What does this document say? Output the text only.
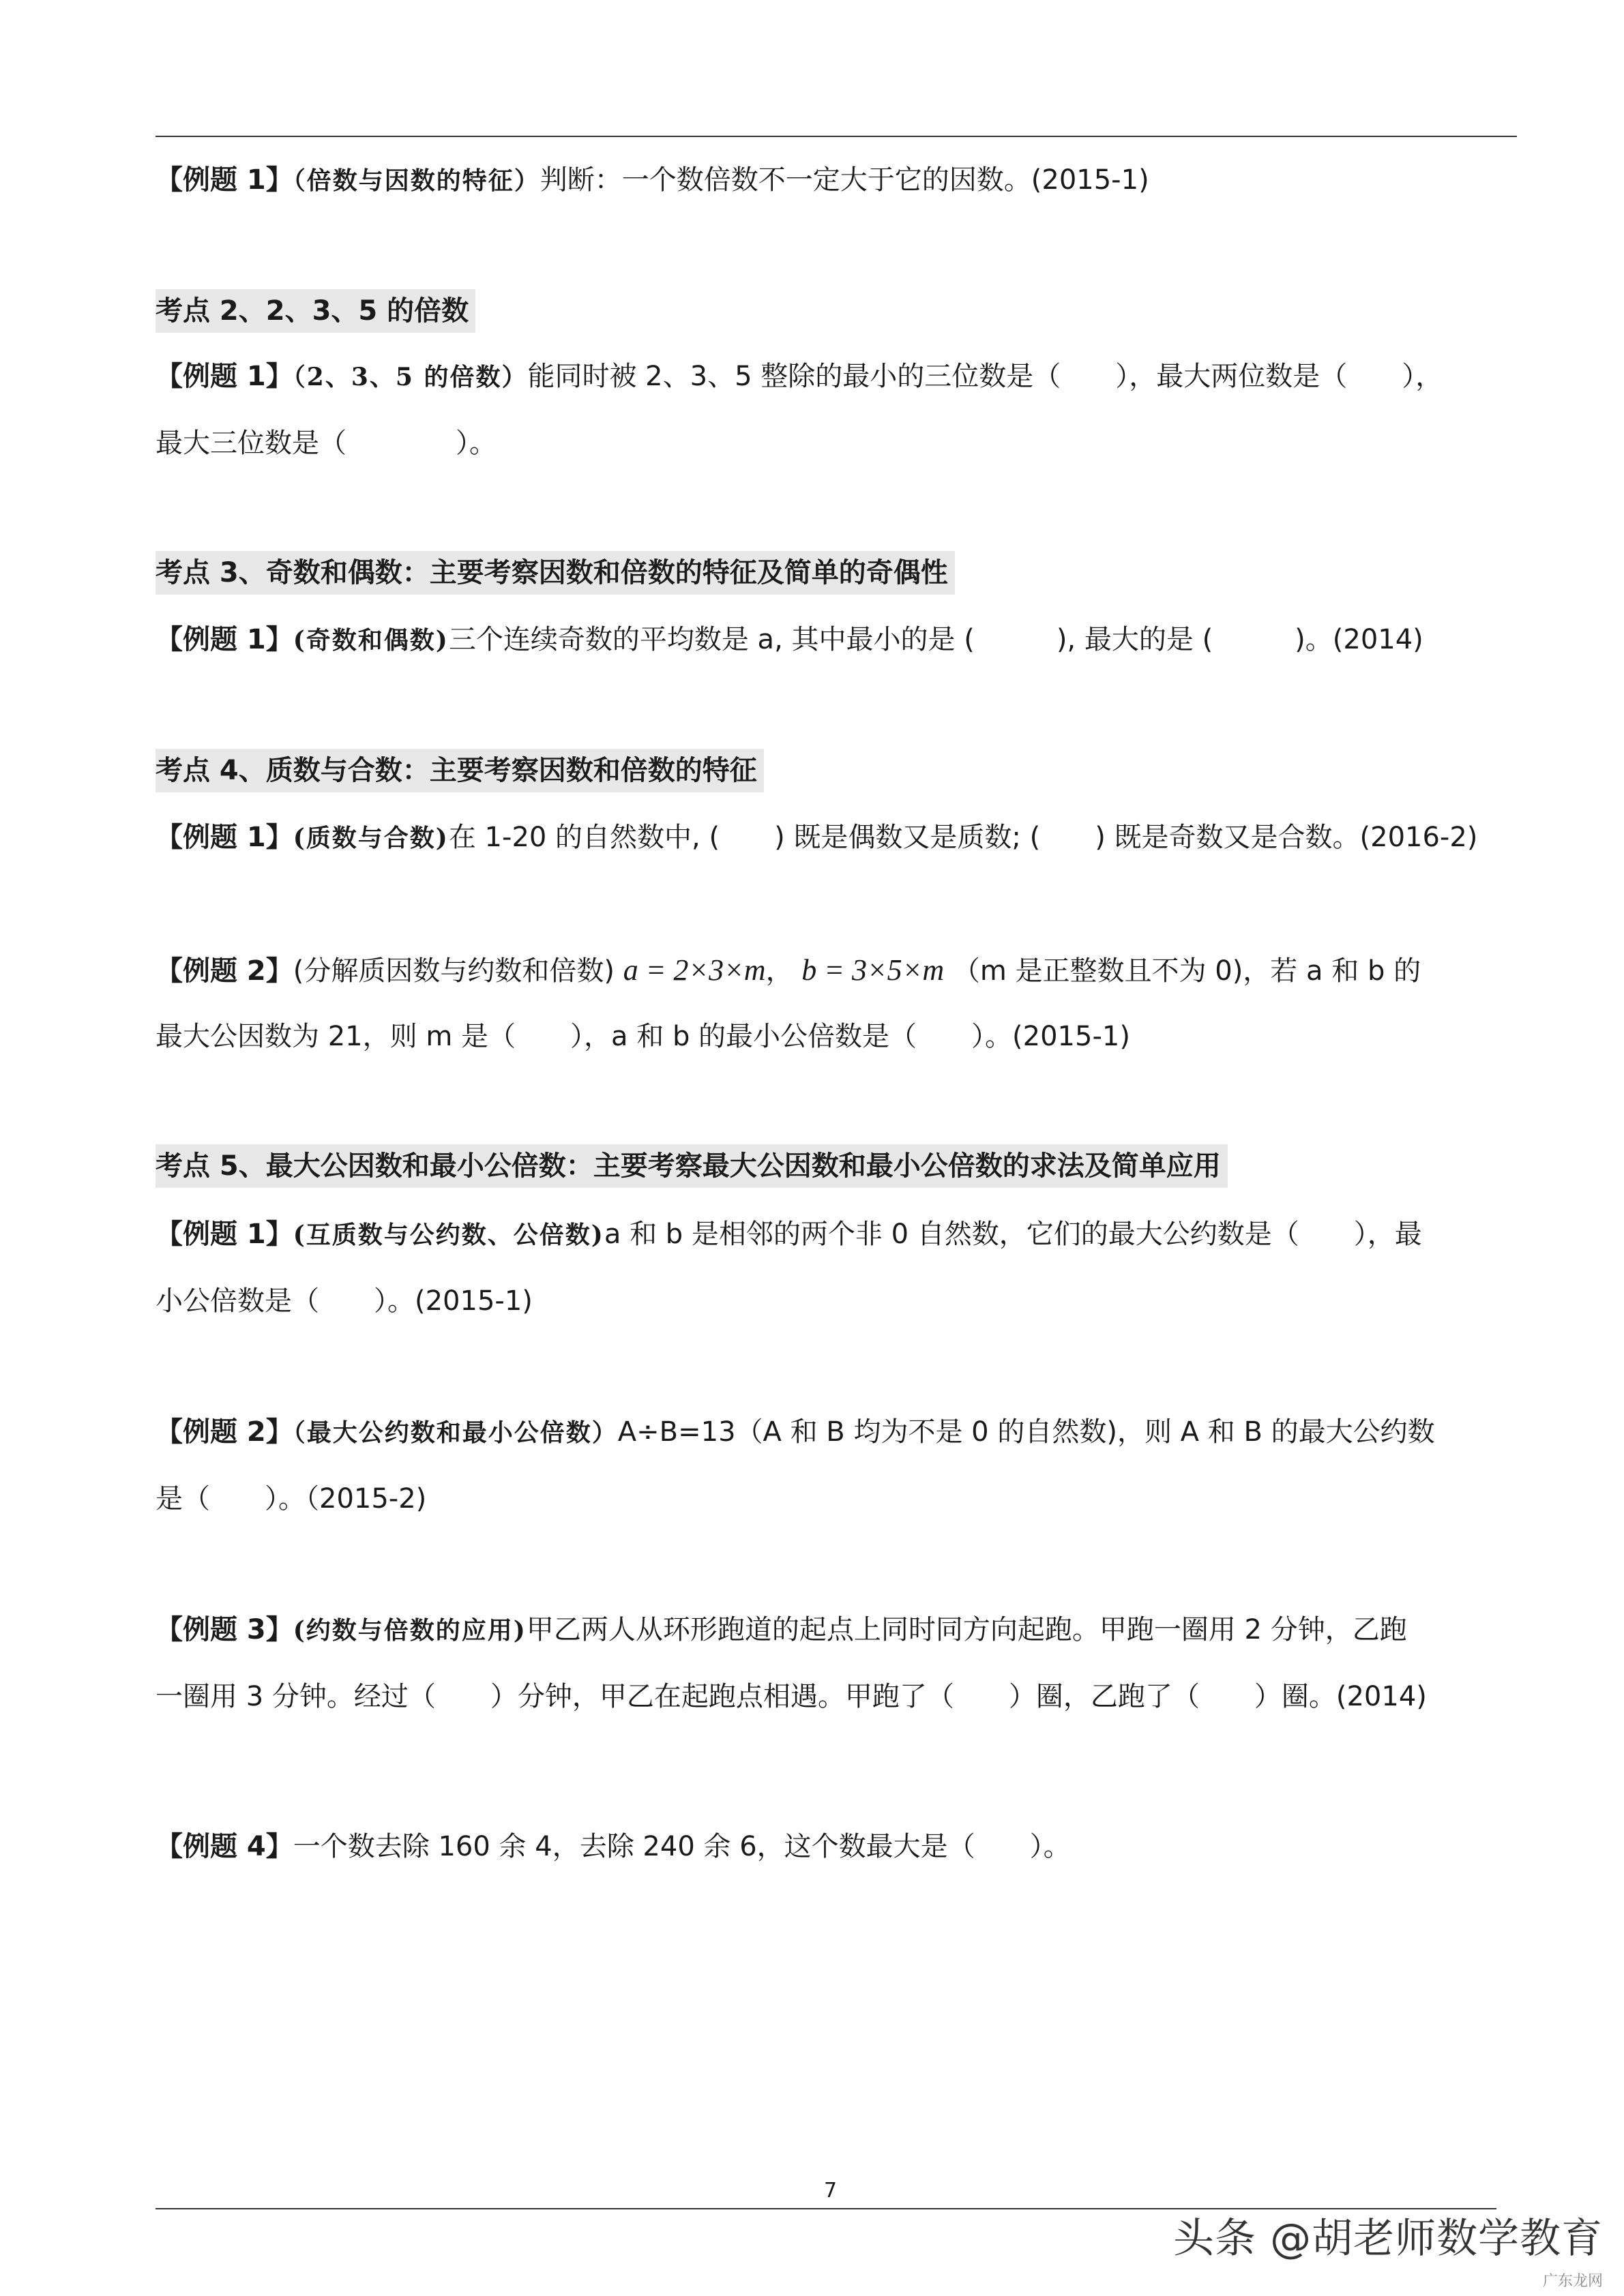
【例题 1】（倍数与因数的特征）判断：一个数倍数不一定大于它的因数。(2015-1)
考点 2、2、3、5 的倍数
【例题 1】（2、3、5 的倍数）能同时被 2、3、5 整除的最小的三位数是（　　），最大两位数是（　　），
最大三位数是（　　　　）。
考点 3、奇数和偶数：主要考察因数和倍数的特征及简单的奇偶性
【例题 1】(奇数和偶数)三个连续奇数的平均数是 a, 其中最小的是 (　　　), 最大的是 (　　　)。(2014)
考点 4、质数与合数：主要考察因数和倍数的特征
【例题 1】(质数与合数)在 1-20 的自然数中, (　　) 既是偶数又是质数; (　　) 既是奇数又是合数。(2016-2)
【例题 2】(分解质因数与约数和倍数) a = 2×3×m， b = 3×5×m （m 是正整数且不为 0)，若 a 和 b 的
最大公因数为 21，则 m 是（　　），a 和 b 的最小公倍数是（　　）。(2015-1)
考点 5、最大公因数和最小公倍数：主要考察最大公因数和最小公倍数的求法及简单应用
【例题 1】(互质数与公约数、公倍数)a 和 b 是相邻的两个非 0 自然数，它们的最大公约数是（　　），最
小公倍数是（　　）。(2015-1)
【例题 2】（最大公约数和最小公倍数）A÷B=13（A 和 B 均为不是 0 的自然数)，则 A 和 B 的最大公约数
是（　　）。（2015-2)
【例题 3】(约数与倍数的应用)甲乙两人从环形跑道的起点上同时同方向起跑。甲跑一圈用 2 分钟，乙跑
一圈用 3 分钟。经过（　　）分钟，甲乙在起跑点相遇。甲跑了（　　）圈，乙跑了（　　）圈。(2014)
【例题 4】一个数去除 160 余 4，去除 240 余 6，这个数最大是（　　）。
7
头条 @胡老师数学教育
广东龙网
